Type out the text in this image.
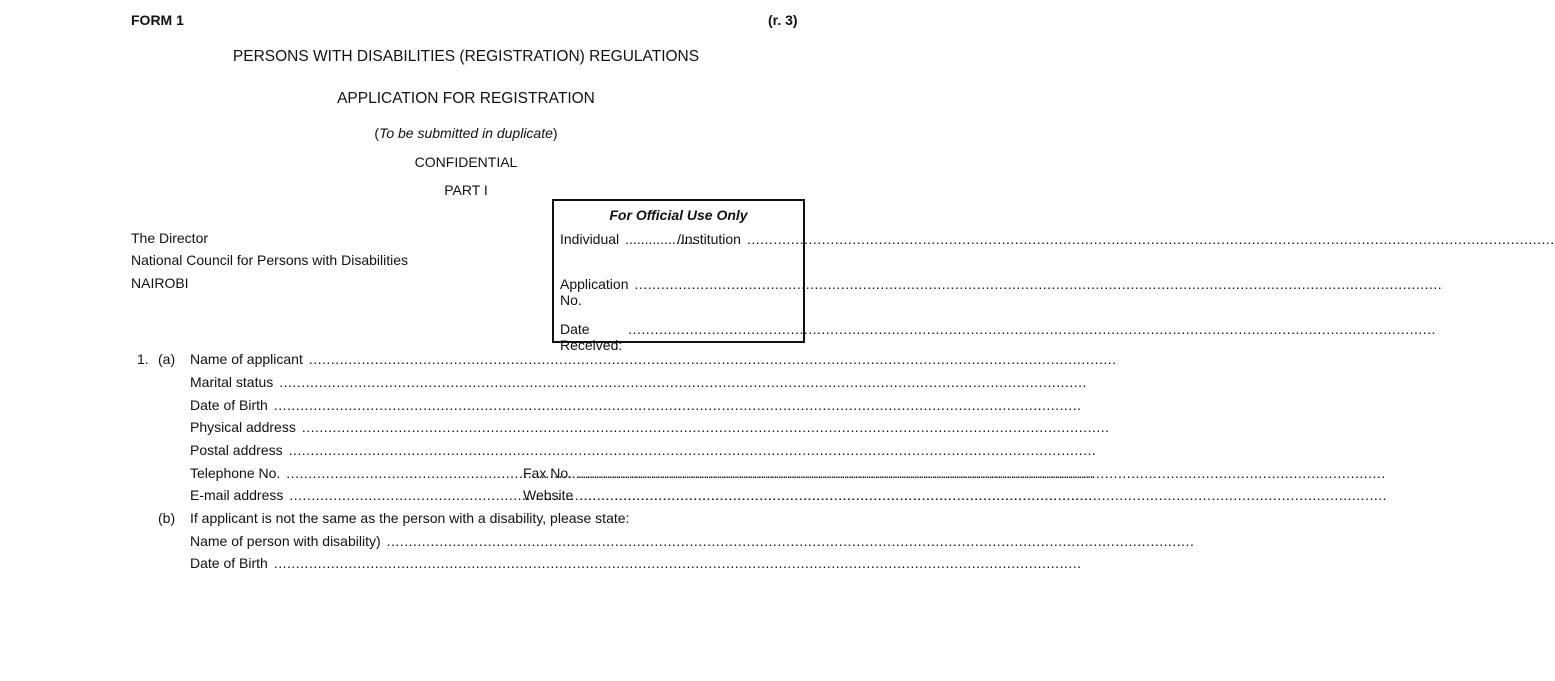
FORM 1	(r. 3)
PERSONS WITH DISABILITIES (REGISTRATION) REGULATIONS
APPLICATION FOR REGISTRATION
(To be submitted in duplicate)
CONFIDENTIAL
PART I
The Director
National Council for Persons with Disabilities
NAIROBI
For Official Use Only
Individual ..................
/Institution
.....
Application No.
.....
Date Received:
.....
1. (a) Name of applicant
.....
Marital status
.....
Date of Birth
.....
Physical address
.....
Postal address
.....
Telephone No. .....	Fax No.
.....
E-mail address .....	Website
.....
(b) If applicant is not the same as the person with a disability, please state:
Name of person with disability)
.....
Date of Birth
.....
